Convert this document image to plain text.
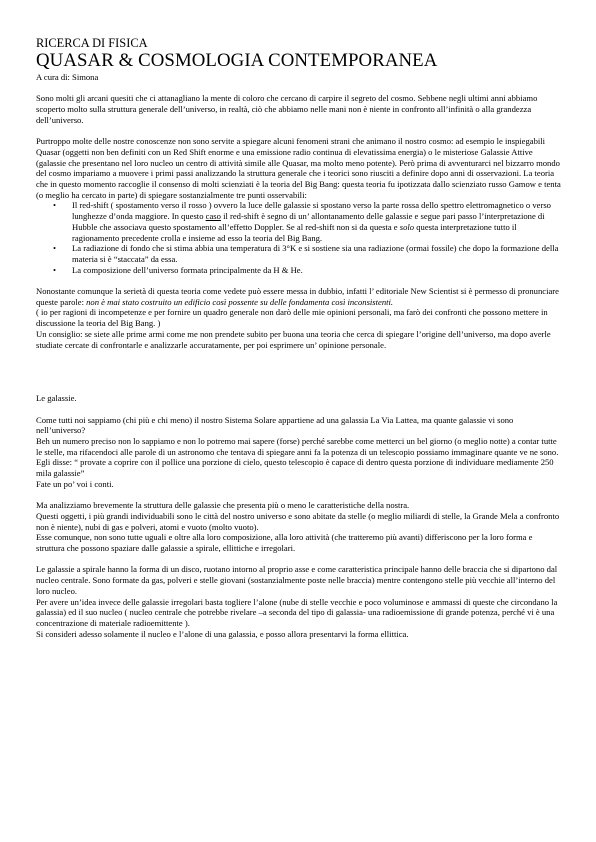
RICERCA DI FISICA
QUASAR & COSMOLOGIA CONTEMPORANEA
A cura di: Simona

Sono molti gli arcani quesiti che ci attanagliano la mente di coloro che cercano di carpire il segreto del cosmo. Sebbene negli ultimi anni abbiamo scoperto molto sulla struttura generale dell’universo, in realtà, ciò che abbiamo nelle mani non è niente in confronto all’infinità o alla grandezza dell’universo.

Purtroppo molte delle nostre conoscenze non sono servite a spiegare alcuni fenomeni strani che animano il nostro cosmo: ad esempio le inspiegabili Quasar (oggetti non ben definiti con un Red Shift enorme e una emissione radio continua di elevatissima energia) o le misteriose Galassie Attive (galassie che presentano nel loro nucleo un centro di attività simile alle Quasar, ma molto meno potente). Però prima di avventurarci nel bizzarro mondo del cosmo impariamo a muovere i primi passi analizzando la struttura generale che i teorici sono riusciti a definire dopo anni di osservazioni. La teoria che in questo momento raccoglie il consenso di molti scienziati è la teoria del Big Bang: questa teoria fu ipotizzata dallo scienziato russo Gamow e tenta (o meglio ha cercato in parte) di spiegare sostanzialmente tre punti osservabili:

•	Il red-shift ( spostamento verso il rosso ) ovvero la luce delle galassie si spostano verso la parte rossa dello spettro elettromagnetico o verso lunghezze d’onda maggiore. In questo caso il red-shift è segno di un’ allontanamento delle galassie e segue pari passo l’interpretazione di Hubble che associava questo spostamento all’effetto Doppler. Se al red-shift non si da questa e solo questa interpretazione tutto il ragionamento precedente crolla e insieme ad esso la teoria del Big Bang.
•	La radiazione di fondo che si stima abbia una temperatura di 3°K e si sostiene sia una radiazione (ormai fossile) che dopo la formazione della materia si è “staccata” da essa.
•	La composizione dell’universo formata principalmente da H & He.

Nonostante comunque la serietà di questa teoria come vedete può essere messa in dubbio, infatti l’ editoriale New Scientist si è permesso di pronunciare queste parole: non è mai stato costruito un edificio così possente su delle fondamenta così inconsistenti.

( io per ragioni di incompetenze e per fornire un quadro generale non darò delle mie opinioni personali, ma farò dei confronti che possono mettere in discussione la teoria del Big Bang. )

Un consiglio: se siete alle prime armi come me non prendete subito per buona una teoria che cerca di spiegare l’origine dell’universo, ma dopo averle studiate cercate di confrontarle e analizzarle accuratamente, per poi esprimere un’ opinione personale.

Le galassie.

Come tutti noi sappiamo (chi più e chi meno) il nostro Sistema Solare appartiene ad una galassia La Via Lattea, ma quante galassie vi sono nell’universo?

Beh un numero preciso non lo sappiamo e non lo potremo mai sapere (forse) perché sarebbe come metterci un bel giorno (o meglio notte) a contar tutte le stelle, ma rifacendoci alle parole di un astronomo che tentava di spiegare anni fa la potenza di un telescopio possiamo immaginare quante ve ne sono. Egli disse: “ provate a coprire con il pollice una porzione di cielo, questo telescopio è capace di dentro questa porzione di individuare mediamente 250 mila galassie”

Fate un po’ voi i conti.

Ma analizziamo brevemente la struttura delle galassie che presenta più o meno le caratteristiche della nostra.

Questi oggetti, i più grandi individuabili sono le città del nostro universo e sono abitate da stelle (o meglio miliardi di stelle, la Grande Mela a confronto non è niente), nubi di gas e polveri, atomi e vuoto (molto vuoto).

Esse comunque, non sono tutte uguali e oltre alla loro composizione, alla loro attività (che tratteremo più avanti) differiscono per la loro forma e struttura che possono spaziare dalle galassie a spirale, ellittiche e irregolari.

Le galassie a spirale hanno la forma di un disco, ruotano intorno al proprio asse e come caratteristica principale hanno delle braccia che si dipartono dal nucleo centrale. Sono formate da gas, polveri e stelle giovani (sostanzialmente poste nelle braccia) mentre contengono stelle più vecchie all’interno del loro nucleo.

Per avere un’idea invece delle galassie irregolari basta togliere l’alone (nube di stelle vecchie e poco voluminose e ammassi di queste che circondano la galassia) ed il suo nucleo ( nucleo centrale che potrebbe rivelare –a seconda del tipo di galassia- una radioemissione di grande potenza, perché vi è una concentrazione di materiale radioemittente ).

Si consideri adesso solamente il nucleo e l’alone di una galassia, e posso allora presentarvi la forma ellittica.
